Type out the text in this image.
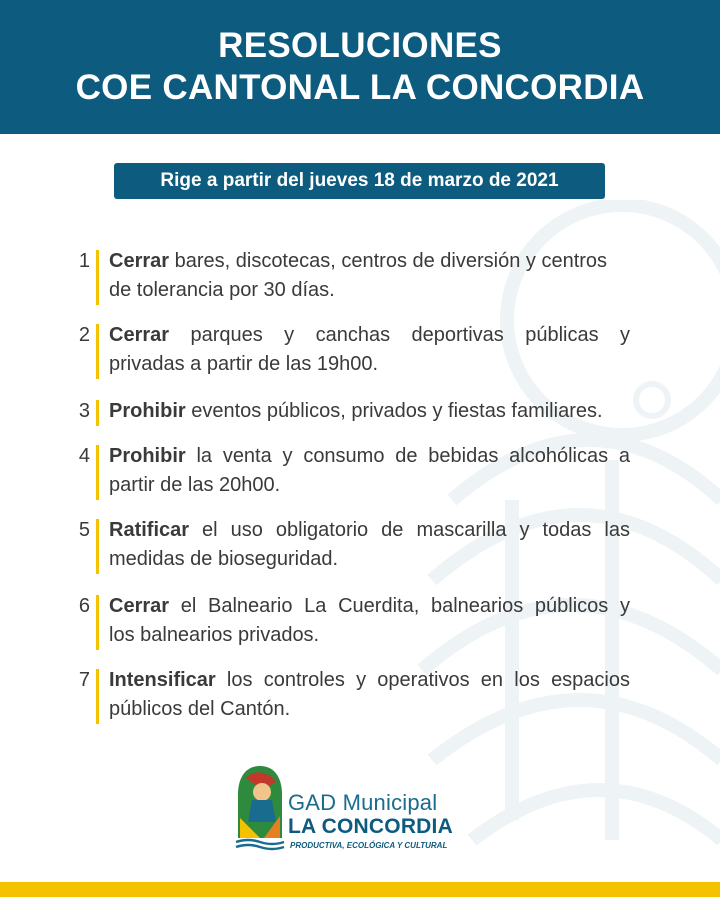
RESOLUCIONES
COE CANTONAL LA CONCORDIA
Rige a partir del jueves 18 de marzo de 2021
1 Cerrar bares, discotecas, centros de diversión y centros
de tolerancia por 30 días.
2 Cerrar parques y canchas deportivas públicas y
privadas a partir de las 19h00.
3 Prohibir eventos públicos, privados y fiestas familiares.
4 Prohibir la venta y consumo de bebidas alcohólicas a
partir de las 20h00.
5 Ratificar el uso obligatorio de mascarilla y todas las
medidas de bioseguridad.
6 Cerrar el Balneario La Cuerdita, balnearios públicos y
los balnearios privados.
7 Intensificar los controles y operativos en los espacios
públicos del Cantón.
GAD Municipal
LA CONCORDIA
PRODUCTIVA, ECOLÓGICA Y CULTURAL
